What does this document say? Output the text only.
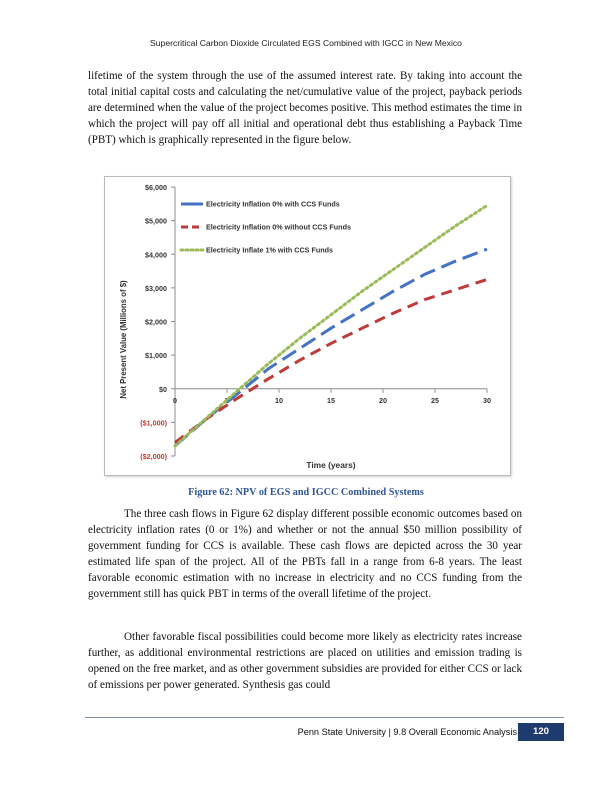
Supercritical Carbon Dioxide Circulated EGS Combined with IGCC in New Mexico

lifetime of the system through the use of the assumed interest rate. By taking into account the total initial capital costs and calculating the net/cumulative value of the project, payback periods are determined when the value of the project becomes positive. This method estimates the time in which the project will pay off all initial and operational debt thus establishing a Payback Time (PBT) which is graphically represented in the figure below.

$6,000
$5,000
$4,000
$3,000
$2,000
$1,000
$0
($1,000)
($2,000)
0	5	10	15	20	25	30
Time (years)
Net Present Value (Millions of $)
Electricity Inflation 0% with CCS Funds
Electricity Inflation 0% without CCS Funds
Electricity Inflate 1% with CCS Funds
Figure 62: NPV of EGS and IGCC Combined Systems

The three cash flows in Figure 62 display different possible economic outcomes based on electricity inflation rates (0 or 1%) and whether or not the annual $50 million possibility of government funding for CCS is available. These cash flows are depicted across the 30 year estimated life span of the project. All of the PBTs fall in a range from 6-8 years. The least favorable economic estimation with no increase in electricity and no CCS funding from the government still has quick PBT in terms of the overall lifetime of the project.

Other favorable fiscal possibilities could become more likely as electricity rates increase further, as additional environmental restrictions are placed on utilities and emission trading is opened on the free market, and as other government subsidies are provided for either CCS or lack of emissions per power generated. Synthesis gas could

Penn State University | 9.8 Overall Economic Analysis	120
